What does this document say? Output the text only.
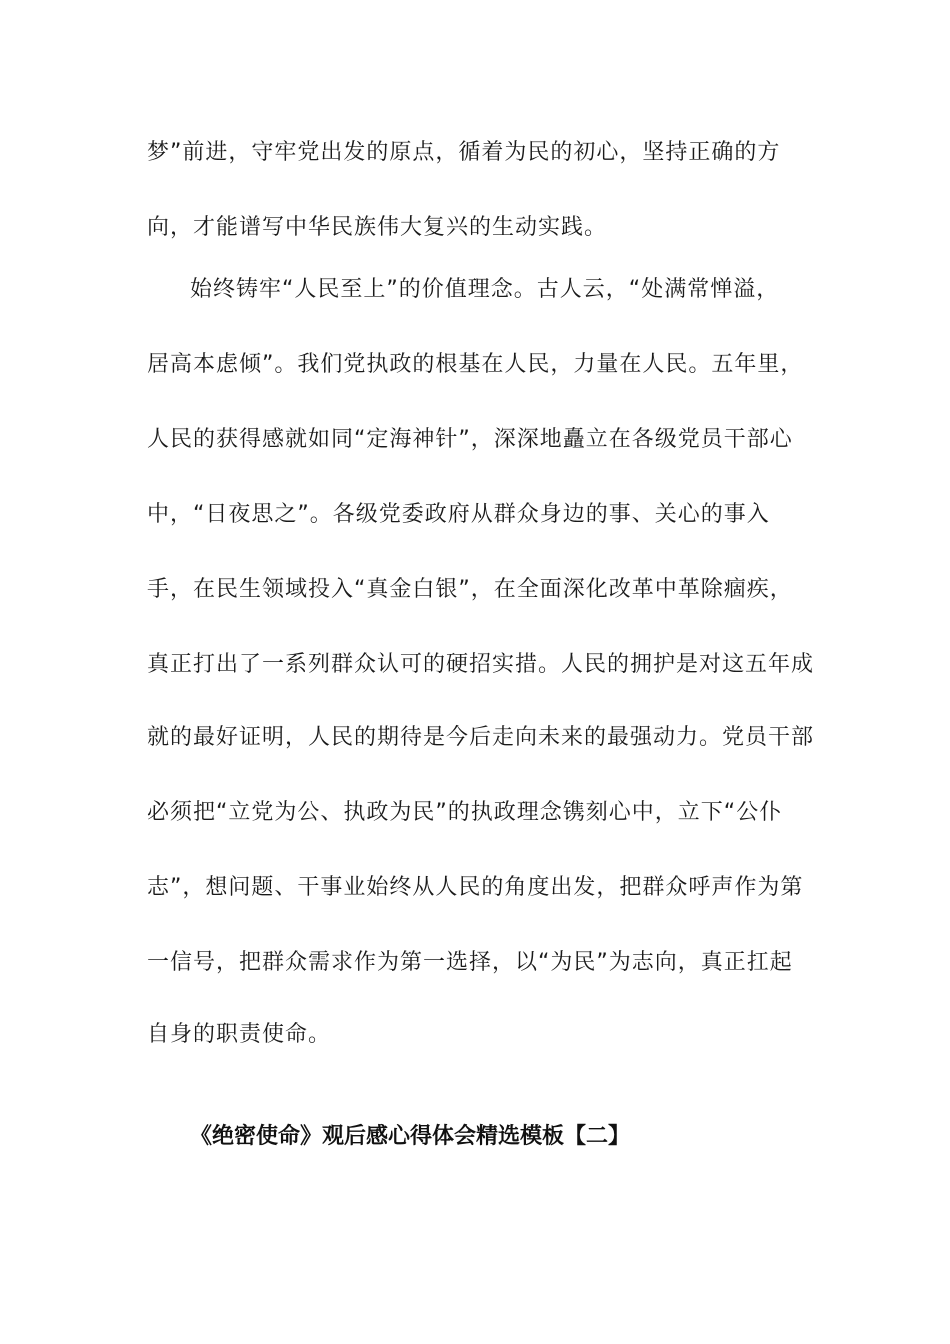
梦”前进，守牢党出发的原点，循着为民的初心，坚持正确的方
向，才能谱写中华民族伟大复兴的生动实践。
始终铸牢“人民至上”的价值理念。古人云，“处满常惮溢，
居高本虑倾”。我们党执政的根基在人民，力量在人民。五年里，
人民的获得感就如同“定海神针”，深深地矗立在各级党员干部心
中，“日夜思之”。各级党委政府从群众身边的事、关心的事入
手，在民生领域投入“真金白银”，在全面深化改革中革除痼疾，
真正打出了一系列群众认可的硬招实措。人民的拥护是对这五年成
就的最好证明，人民的期待是今后走向未来的最强动力。党员干部
必须把“立党为公、执政为民”的执政理念镌刻心中，立下“公仆
志”，想问题、干事业始终从人民的角度出发，把群众呼声作为第
一信号，把群众需求作为第一选择，以“为民”为志向，真正扛起
自身的职责使命。
《绝密使命》观后感心得体会精选模板【二】
